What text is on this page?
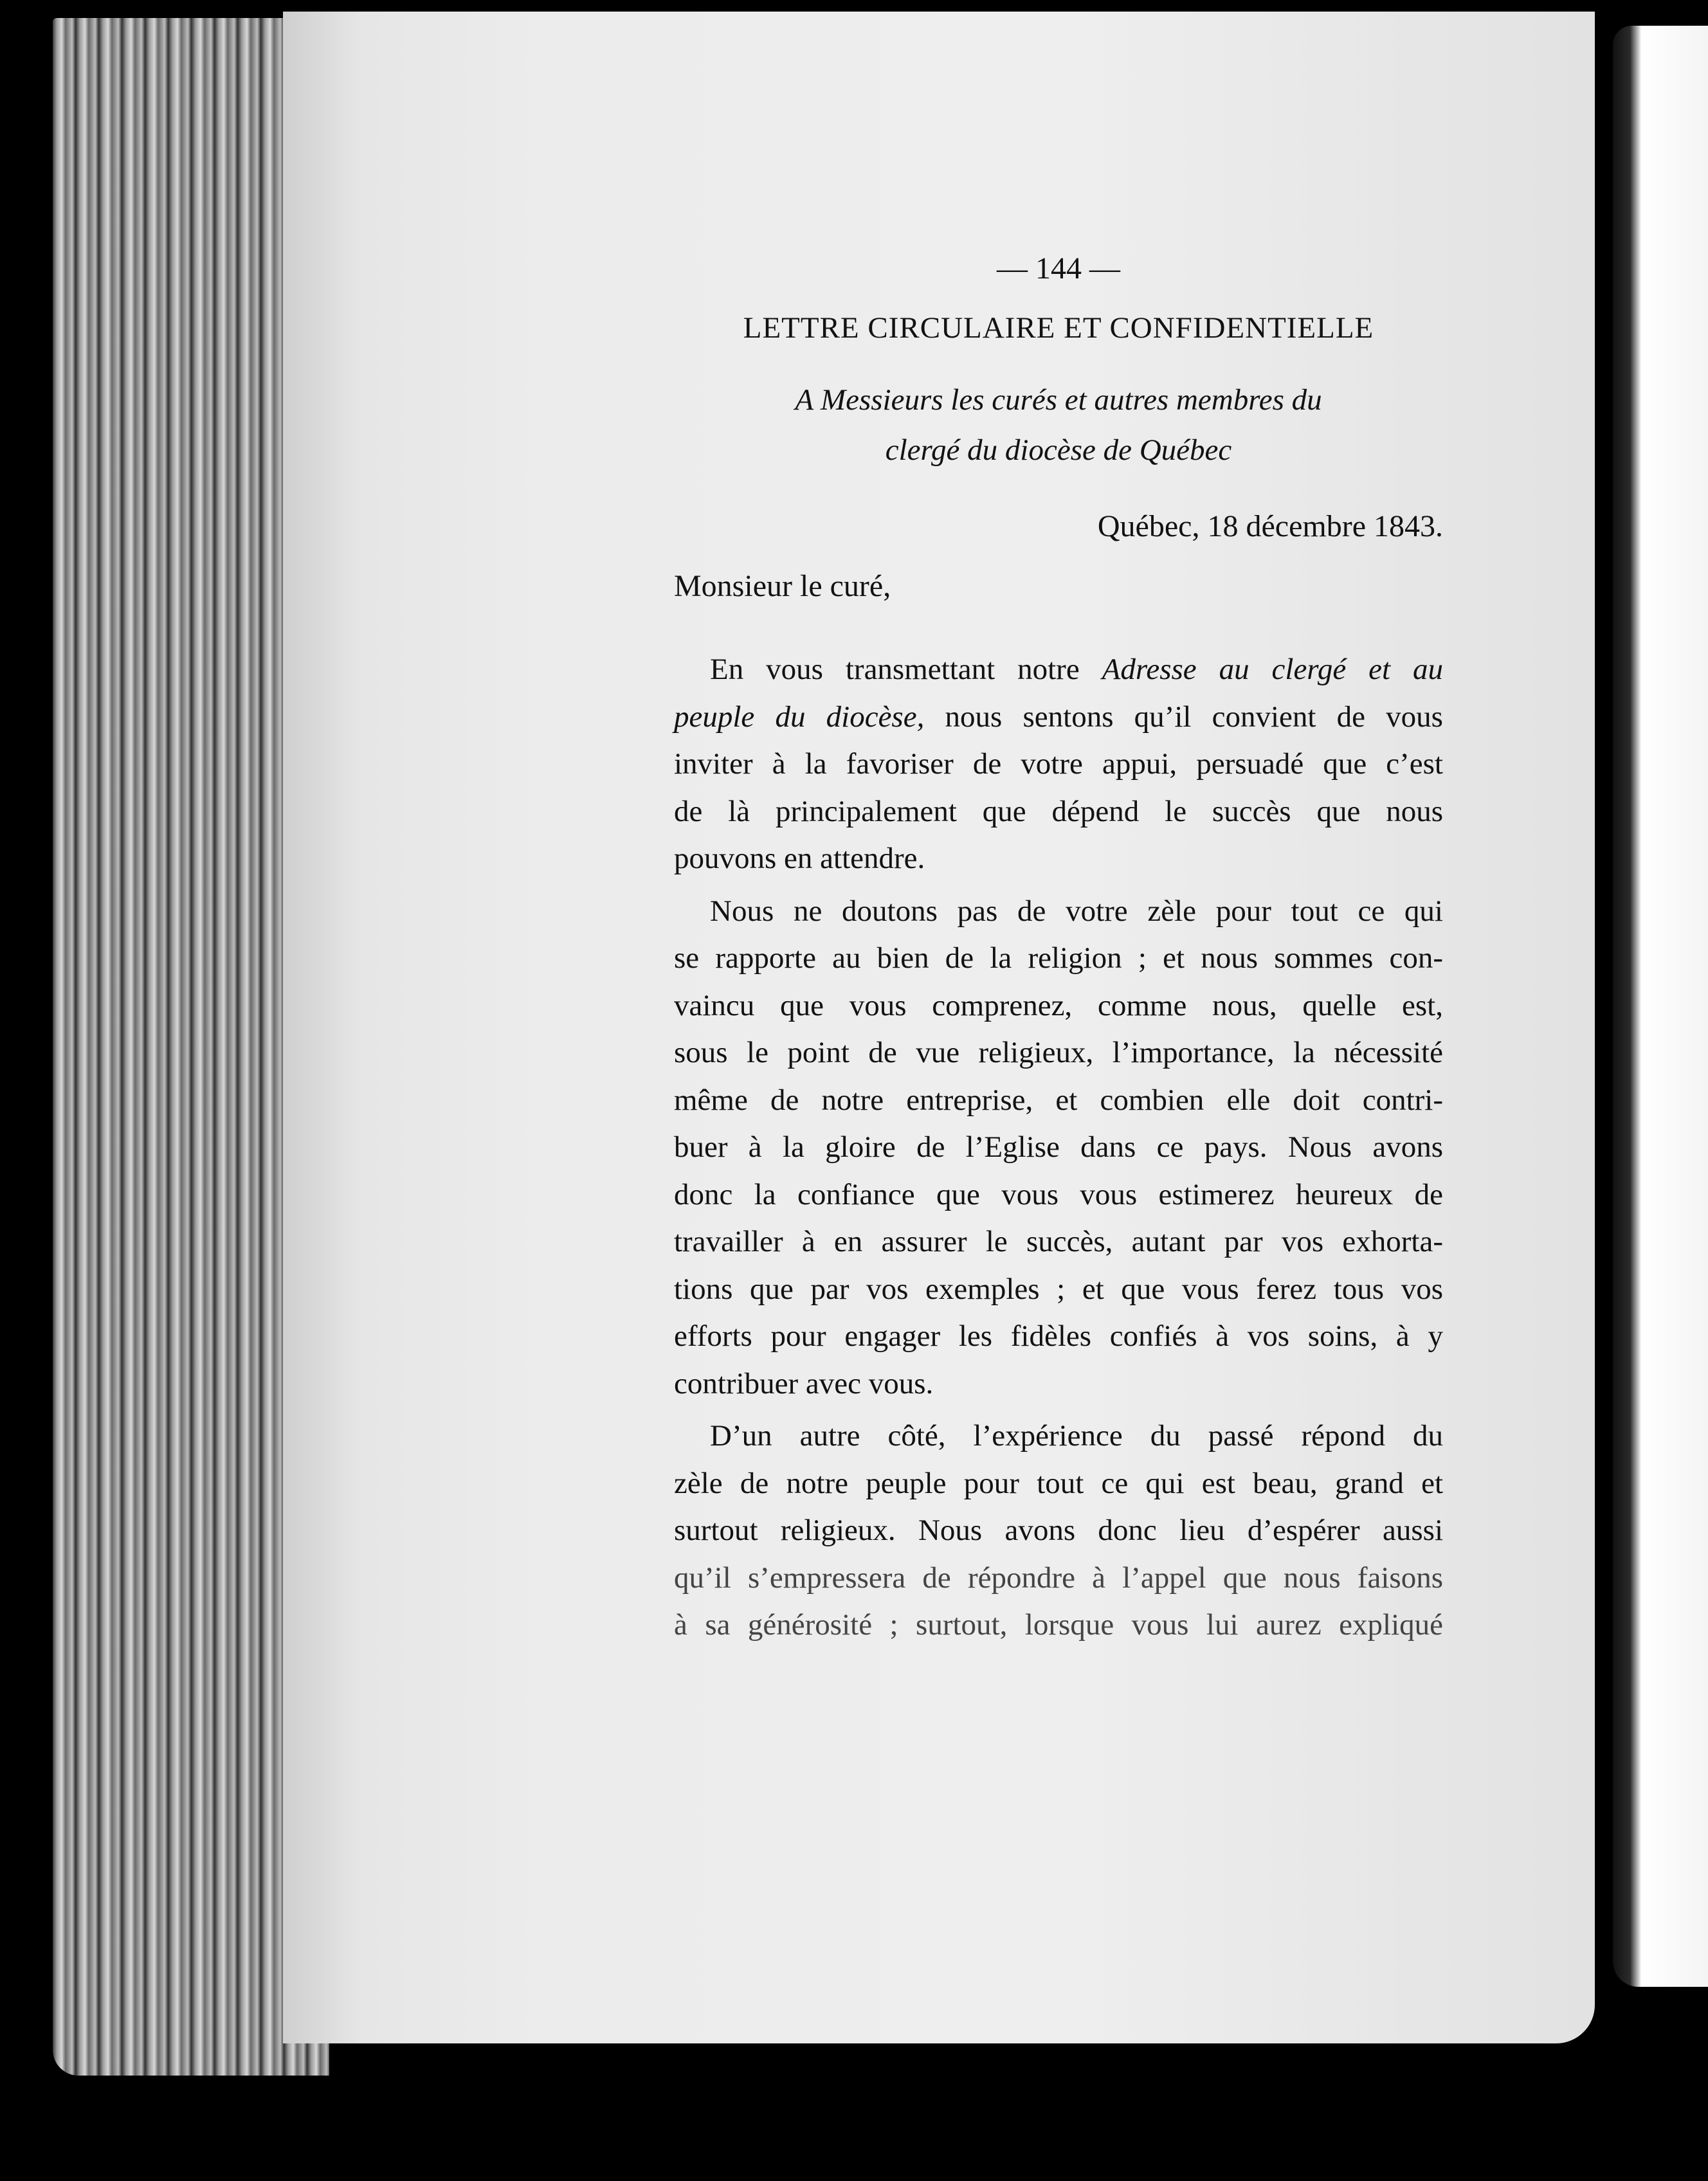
— 144 —
LETTRE CIRCULAIRE ET CONFIDENTIELLE
A Messieurs les curés et autres membres du
clergé du diocèse de Québec
Québec, 18 décembre 1843.
Monsieur le curé,
En vous transmettant notre Adresse au clergé et au
peuple du diocèse, nous sentons qu’il convient de vous
inviter à la favoriser de votre appui, persuadé que c’est
de là principalement que dépend le succès que nous
pouvons en attendre.
Nous ne doutons pas de votre zèle pour tout ce qui
se rapporte au bien de la religion ; et nous sommes con-
vaincu que vous comprenez, comme nous, quelle est,
sous le point de vue religieux, l’importance, la nécessité
même de notre entreprise, et combien elle doit contri-
buer à la gloire de l’Eglise dans ce pays. Nous avons
donc la confiance que vous vous estimerez heureux de
travailler à en assurer le succès, autant par vos exhorta-
tions que par vos exemples ; et que vous ferez tous vos
efforts pour engager les fidèles confiés à vos soins, à y
contribuer avec vous.
D’un autre côté, l’expérience du passé répond du
zèle de notre peuple pour tout ce qui est beau, grand et
surtout religieux. Nous avons donc lieu d’espérer aussi
qu’il s’empressera de répondre à l’appel que nous faisons
à sa générosité ; surtout, lorsque vous lui aurez expliqué
